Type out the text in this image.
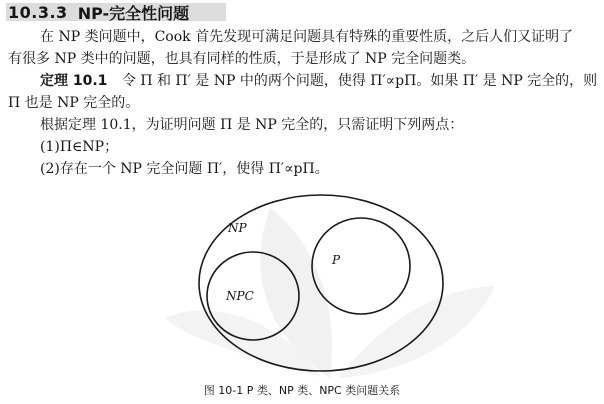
10.3.3 NP-完全性问题
在 NP 类问题中，Cook 首先发现可满足问题具有特殊的重要性质，之后人们又证明了
有很多 NP 类中的问题，也具有同样的性质，于是形成了 NP 完全问题类。
定理 10.1 令 Π 和 Π′ 是 NP 中的两个问题，使得 Π′∝pΠ。如果 Π′ 是 NP 完全的，则
Π 也是 NP 完全的。
根据定理 10.1，为证明问题 Π 是 NP 完全的，只需证明下列两点：
(1)Π∈NP；
(2)存在一个 NP 完全问题 Π′，使得 Π′∝pΠ。
NP
NPC
P
图 10-1 P 类、NP 类、NPC 类问题关系
